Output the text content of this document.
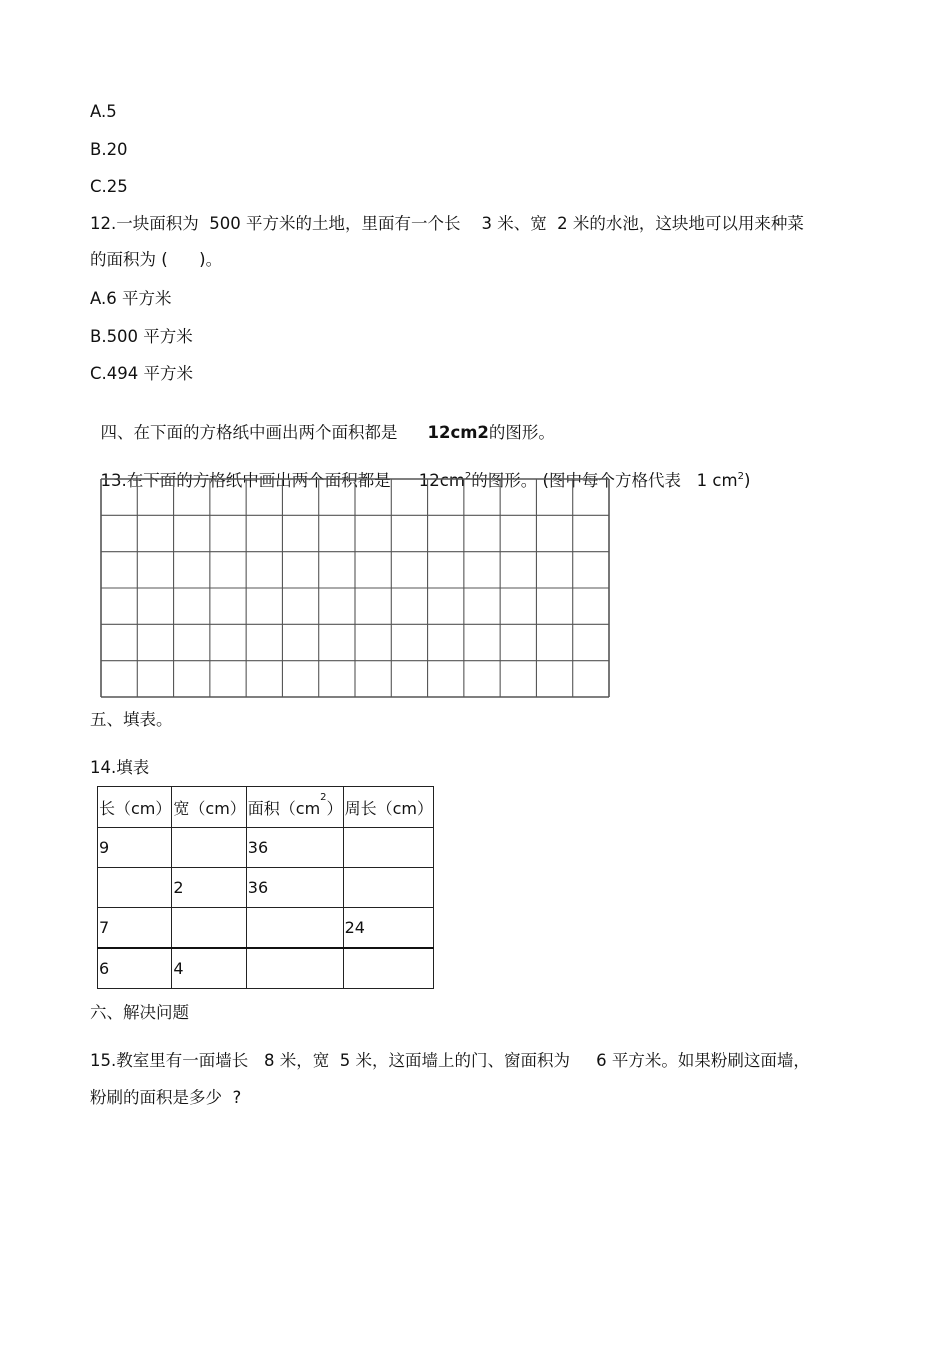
A.5
B.20
C.25
12.一块面积为  500 平方米的土地，里面有一个长    3 米、宽  2 米的水池，这块地可以用来种菜
的面积为 (      )。
A.6 平方米
B.500 平方米
C.494 平方米

四、在下面的方格纸中画出两个面积都是 12cm2的图形。

13.在下面的方格纸中画出两个面积都是 $12cm^2$的图形。 (图中每个方格代表   1 $cm^2$)

五、填表。
14.填表
长（cm）	宽（cm）	面积$(cm^2)$	周长（cm）
9		36	
	2	36	
7			24
6	4		
六、解决问题
15.教室里有一面墙长   8 米，宽  5 米，这面墙上的门、窗面积为     6 平方米。如果粉刷这面墙，
粉刷的面积是多少  ?
